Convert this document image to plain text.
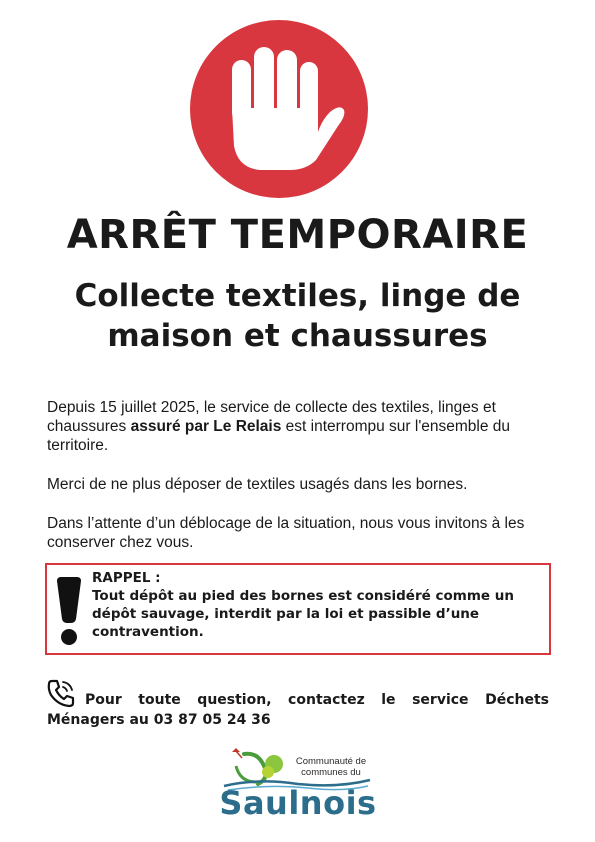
ARRÊT TEMPORAIRE
Collecte textiles, linge de maison et chaussures

Depuis 15 juillet 2025, le service de collecte des textiles, linges et chaussures assuré par Le Relais est interrompu sur l'ensemble du territoire.

Merci de ne plus déposer de textiles usagés dans les bornes.

Dans l’attente d’un déblocage de la situation, nous vous invitons à les conserver chez vous.

RAPPEL :
Tout dépôt au pied des bornes est considéré comme un dépôt sauvage, interdit par la loi et passible d’une contravention.

Pour toute question, contactez le service Déchets Ménagers au 03 87 05 24 36

Communauté de communes du
Saulnois
